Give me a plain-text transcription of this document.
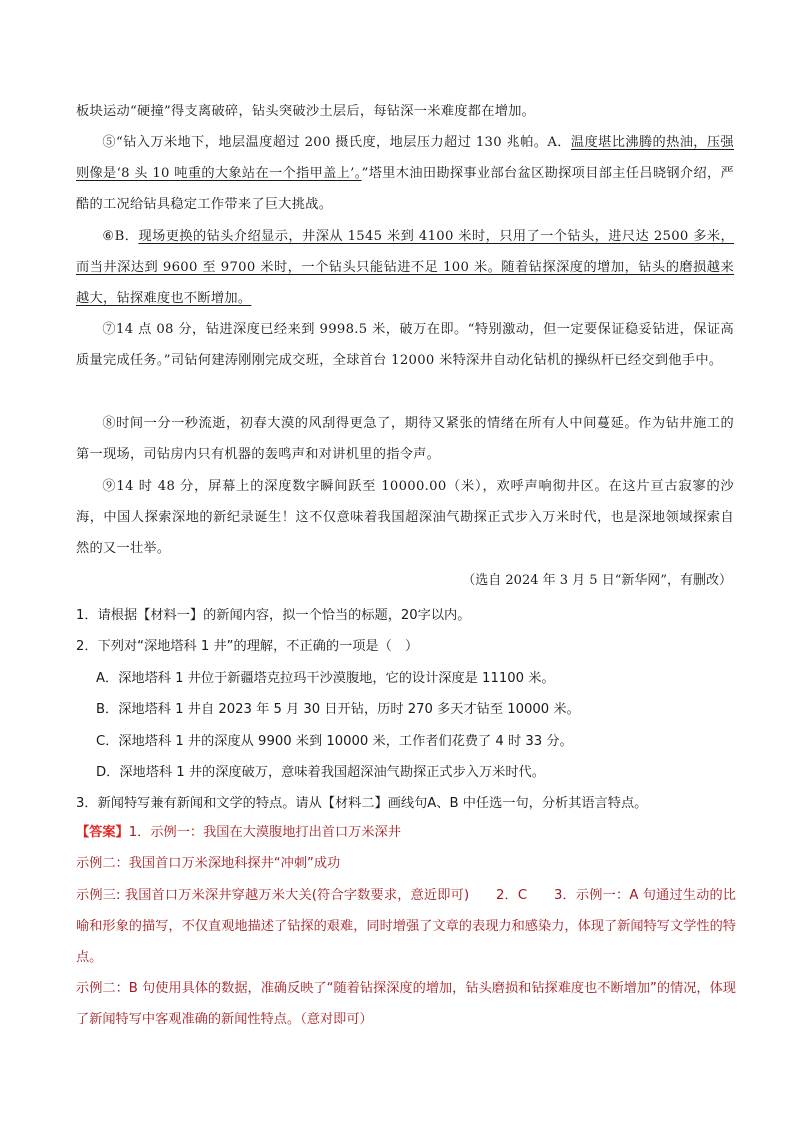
板块运动“硬撞”得支离破碎，钻头突破沙土层后，每钻深一米难度都在增加。
⑤“钻入万米地下，地层温度超过 200 摄氏度，地层压力超过 130 兆帕。A．温度堪比沸腾的热油，压强则像是‘8 头 10 吨重的大象站在一个指甲盖上’。”塔里木油田勘探事业部台盆区勘探项目部主任吕晓钢介绍，严酷的工况给钻具稳定工作带来了巨大挑战。
⑥B．现场更换的钻头介绍显示，井深从 1545 米到 4100 米时，只用了一个钻头，进尺达 2500 多米，而当井深达到 9600 至 9700 米时，一个钻头只能钻进不足 100 米。随着钻探深度的增加，钻头的磨损越来越大，钻探难度也不断增加。
⑦14 点 08 分，钻进深度已经来到 9998.5 米，破万在即。“特别激动，但一定要保证稳妥钻进，保证高质量完成任务。”司钻何建涛刚刚完成交班，全球首台 12000 米特深井自动化钻机的操纵杆已经交到他手中。
⑧时间一分一秒流逝，初春大漠的风刮得更急了，期待又紧张的情绪在所有人中间蔓延。作为钻井施工的第一现场，司钻房内只有机器的轰鸣声和对讲机里的指令声。
⑨14 时 48 分，屏幕上的深度数字瞬间跃至 10000.00（米），欢呼声响彻井区。在这片亘古寂寥的沙海，中国人探索深地的新纪录诞生！这不仅意味着我国超深油气勘探正式步入万米时代，也是深地领域探索自然的又一壮举。
（选自 2024 年 3 月 5 日“新华网”，有删改）
1．请根据【材料一】的新闻内容，拟一个恰当的标题，20字以内。
2．下列对“深地塔科 1 井”的理解，不正确的一项是（　）
A．深地塔科 1 井位于新疆塔克拉玛干沙漠腹地，它的设计深度是 11100 米。
B．深地塔科 1 井自 2023 年 5 月 30 日开钻，历时 270 多天才钻至 10000 米。
C．深地塔科 1 井的深度从 9900 米到 10000 米，工作者们花费了 4 时 33 分。
D．深地塔科 1 井的深度破万，意味着我国超深油气勘探正式步入万米时代。
3．新闻特写兼有新闻和文学的特点。请从【材料二】画线句A、B 中任选一句，分析其语言特点。
【答案】1．示例一：我国在大漠腹地打出首口万米深井
示例二：我国首口万米深地科探井“冲刺”成功
示例三: 我国首口万米深井穿越万米大关(符合字数要求，意近即可)　　2．C　　3．示例一：A 句通过生动的比喻和形象的描写，不仅直观地描述了钻探的艰难，同时增强了文章的表现力和感染力，体现了新闻特写文学性的特点。
示例二：B 句使用具体的数据，准确反映了“随着钻探深度的增加，钻头磨损和钻探难度也不断增加”的情况，体现了新闻特写中客观准确的新闻性特点。（意对即可）
